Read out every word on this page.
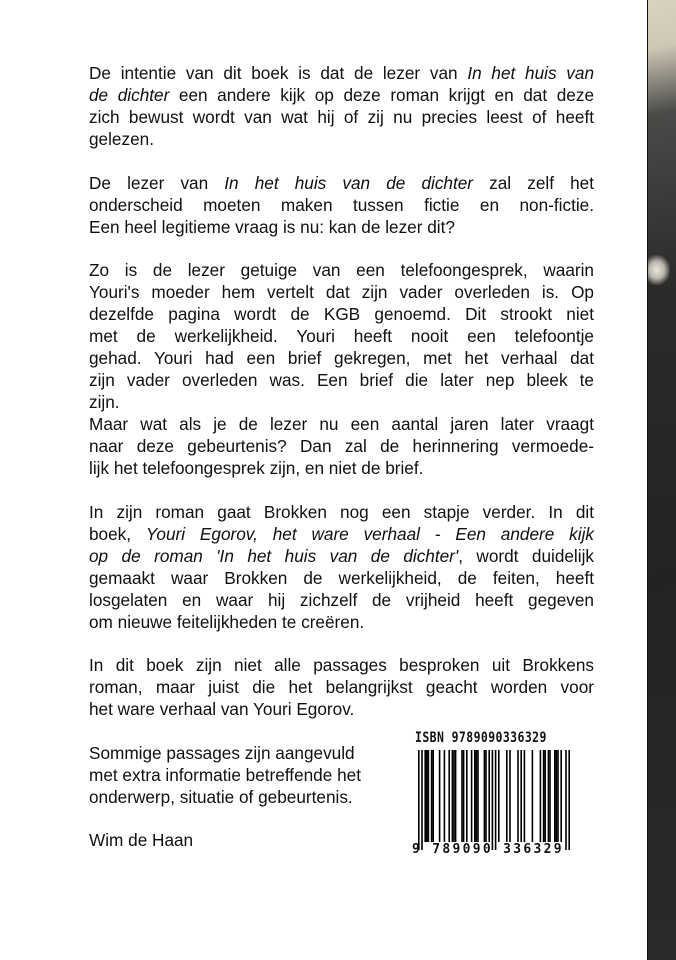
De intentie van dit boek is dat de lezer van In het huis van
de dichter een andere kijk op deze roman krijgt en dat deze
zich bewust wordt van wat hij of zij nu precies leest of heeft
gelezen.
De lezer van In het huis van de dichter zal zelf het
onderscheid moeten maken tussen fictie en non-fictie.
Een heel legitieme vraag is nu: kan de lezer dit?
Zo is de lezer getuige van een telefoongesprek, waarin
Youri's moeder hem vertelt dat zijn vader overleden is. Op
dezelfde pagina wordt de KGB genoemd. Dit strookt niet
met de werkelijkheid. Youri heeft nooit een telefoontje
gehad. Youri had een brief gekregen, met het verhaal dat
zijn vader overleden was. Een brief die later nep bleek te
zijn.
Maar wat als je de lezer nu een aantal jaren later vraagt
naar deze gebeurtenis? Dan zal de herinnering vermoede-
lijk het telefoongesprek zijn, en niet de brief.
In zijn roman gaat Brokken nog een stapje verder. In dit
boek, Youri Egorov, het ware verhaal - Een andere kijk
op de roman 'In het huis van de dichter', wordt duidelijk
gemaakt waar Brokken de werkelijkheid, de feiten, heeft
losgelaten en waar hij zichzelf de vrijheid heeft gegeven
om nieuwe feitelijkheden te creëren.
In dit boek zijn niet alle passages besproken uit Brokkens
roman, maar juist die het belangrijkst geacht worden voor
het ware verhaal van Youri Egorov.
Sommige passages zijn aangevuld
met extra informatie betreffende het
onderwerp, situatie of gebeurtenis.
Wim de Haan
ISBN 9789090336329
9 789090 336329
